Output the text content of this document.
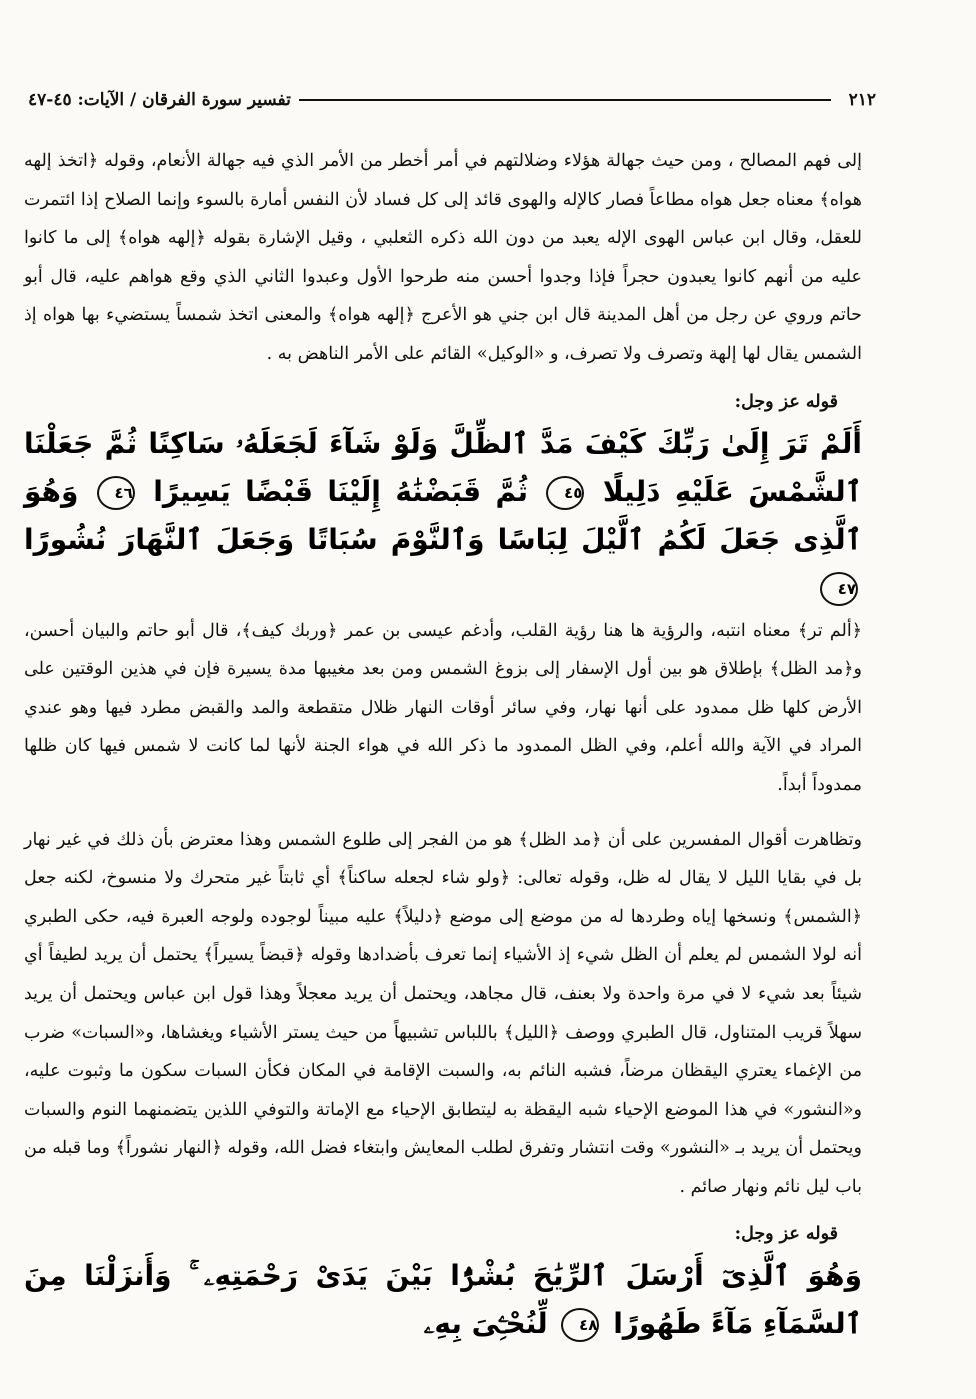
٢١٢
تفسير سورة الفرقان / الآيات: ٤٥-٤٧

إلى فهم المصالح ، ومن حيث جهالة هؤلاء وضلالتهم في أمر أخطر من الأمر الذي فيه جهالة الأنعام، وقوله ﴿اتخذ إلهه هواه﴾ معناه جعل هواه مطاعاً فصار كالإله والهوى قائد إلى كل فساد لأن النفس أمارة بالسوء وإنما الصلاح إذا ائتمرت للعقل، وقال ابن عباس الهوى الإله يعبد من دون الله ذكره الثعلبي ، وقيل الإشارة بقوله ﴿إلهه هواه﴾ إلى ما كانوا عليه من أنهم كانوا يعبدون حجراً فإذا وجدوا أحسن منه طرحوا الأول وعبدوا الثاني الذي وقع هواهم عليه، قال أبو حاتم وروي عن رجل من أهل المدينة قال ابن جني هو الأعرج ﴿إلهه هواه﴾ والمعنى اتخذ شمساً يستضيء بها هواه إذ الشمس يقال لها إلهة وتصرف ولا تصرف، و «الوكيل» القائم على الأمر الناهض به .

قوله عز وجل:

أَلَمْ تَرَ إِلَىٰ رَبِّكَ كَيْفَ مَدَّ ٱلظِّلَّ وَلَوْ شَآءَ لَجَعَلَهُۥ سَاكِنًا ثُمَّ جَعَلْنَا ٱلشَّمْسَ عَلَيْهِ دَلِيلًا ٤٥ ثُمَّ قَبَضْنَٰهُ إِلَيْنَا قَبْضًا يَسِيرًا ٤٦ وَهُوَ ٱلَّذِى جَعَلَ لَكُمُ ٱلَّيْلَ لِبَاسًا وَٱلنَّوْمَ سُبَاتًا وَجَعَلَ ٱلنَّهَارَ نُشُورًا ٤٧

﴿ألم تر﴾ معناه انتبه، والرؤية ها هنا رؤية القلب، وأدغم عيسى بن عمر ﴿وربك كيف﴾، قال أبو حاتم والبيان أحسن، و﴿مد الظل﴾ بإطلاق هو بين أول الإسفار إلى بزوغ الشمس ومن بعد مغيبها مدة يسيرة فإن في هذين الوقتين على الأرض كلها ظل ممدود على أنها نهار، وفي سائر أوقات النهار ظلال متقطعة والمد والقبض مطرد فيها وهو عندي المراد في الآية والله أعلم، وفي الظل الممدود ما ذكر الله في هواء الجنة لأنها لما كانت لا شمس فيها كان ظلها ممدوداً أبداً.

وتظاهرت أقوال المفسرين على أن ﴿مد الظل﴾ هو من الفجر إلى طلوع الشمس وهذا معترض بأن ذلك في غير نهار بل في بقايا الليل لا يقال له ظل، وقوله تعالى: ﴿ولو شاء لجعله ساكناً﴾ أي ثابتاً غير متحرك ولا منسوخ، لكنه جعل ﴿الشمس﴾ ونسخها إياه وطردها له من موضع إلى موضع ﴿دليلاً﴾ عليه مبيناً لوجوده ولوجه العبرة فيه، حكى الطبري أنه لولا الشمس لم يعلم أن الظل شيء إذ الأشياء إنما تعرف بأضدادها وقوله ﴿قبضاً يسيراً﴾ يحتمل أن يريد لطيفاً أي شيئاً بعد شيء لا في مرة واحدة ولا بعنف، قال مجاهد، ويحتمل أن يريد معجلاً وهذا قول ابن عباس ويحتمل أن يريد سهلاً قريب المتناول، قال الطبري ووصف ﴿الليل﴾ باللباس تشبيهاً من حيث يستر الأشياء ويغشاها، و«السبات» ضرب من الإغماء يعتري اليقظان مرضاً، فشبه النائم به، والسبت الإقامة في المكان فكأن السبات سكون ما وثبوت عليه، و«النشور» في هذا الموضع الإحياء شبه اليقظة به ليتطابق الإحياء مع الإماتة والتوفي اللذين يتضمنهما النوم والسبات ويحتمل أن يريد بـ «النشور» وقت انتشار وتفرق لطلب المعايش وابتغاء فضل الله، وقوله ﴿النهار نشوراً﴾ وما قبله من باب ليل نائم ونهار صائم .

قوله عز وجل:

وَهُوَ ٱلَّذِىٓ أَرْسَلَ ٱلرِّيَٰحَ بُشْرًۢا بَيْنَ يَدَىْ رَحْمَتِهِۦ ۚ وَأَنزَلْنَا مِنَ ٱلسَّمَآءِ مَآءً طَهُورًا ٤٨ لِّنُحْـِۧىَ بِهِۦ
